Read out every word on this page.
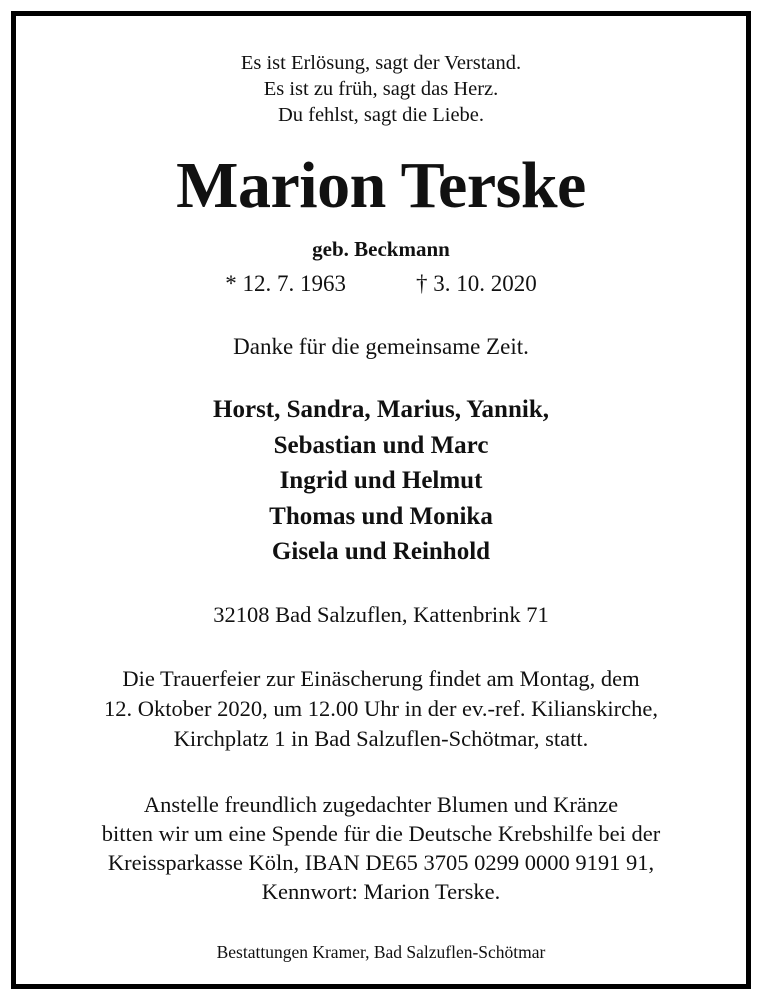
Es ist Erlösung, sagt der Verstand.
Es ist zu früh, sagt das Herz.
Du fehlst, sagt die Liebe.
Marion Terske
geb. Beckmann
* 12. 7. 1963	† 3. 10. 2020
Danke für die gemeinsame Zeit.
Horst, Sandra, Marius, Yannik,
Sebastian und Marc
Ingrid und Helmut
Thomas und Monika
Gisela und Reinhold
32108 Bad Salzuflen, Kattenbrink 71
Die Trauerfeier zur Einäscherung findet am Montag, dem
12. Oktober 2020, um 12.00 Uhr in der ev.-ref. Kilianskirche,
Kirchplatz 1 in Bad Salzuflen-Schötmar, statt.
Anstelle freundlich zugedachter Blumen und Kränze
bitten wir um eine Spende für die Deutsche Krebshilfe bei der
Kreissparkasse Köln, IBAN DE65 3705 0299 0000 9191 91,
Kennwort: Marion Terske.
Bestattungen Kramer, Bad Salzuflen-Schötmar
